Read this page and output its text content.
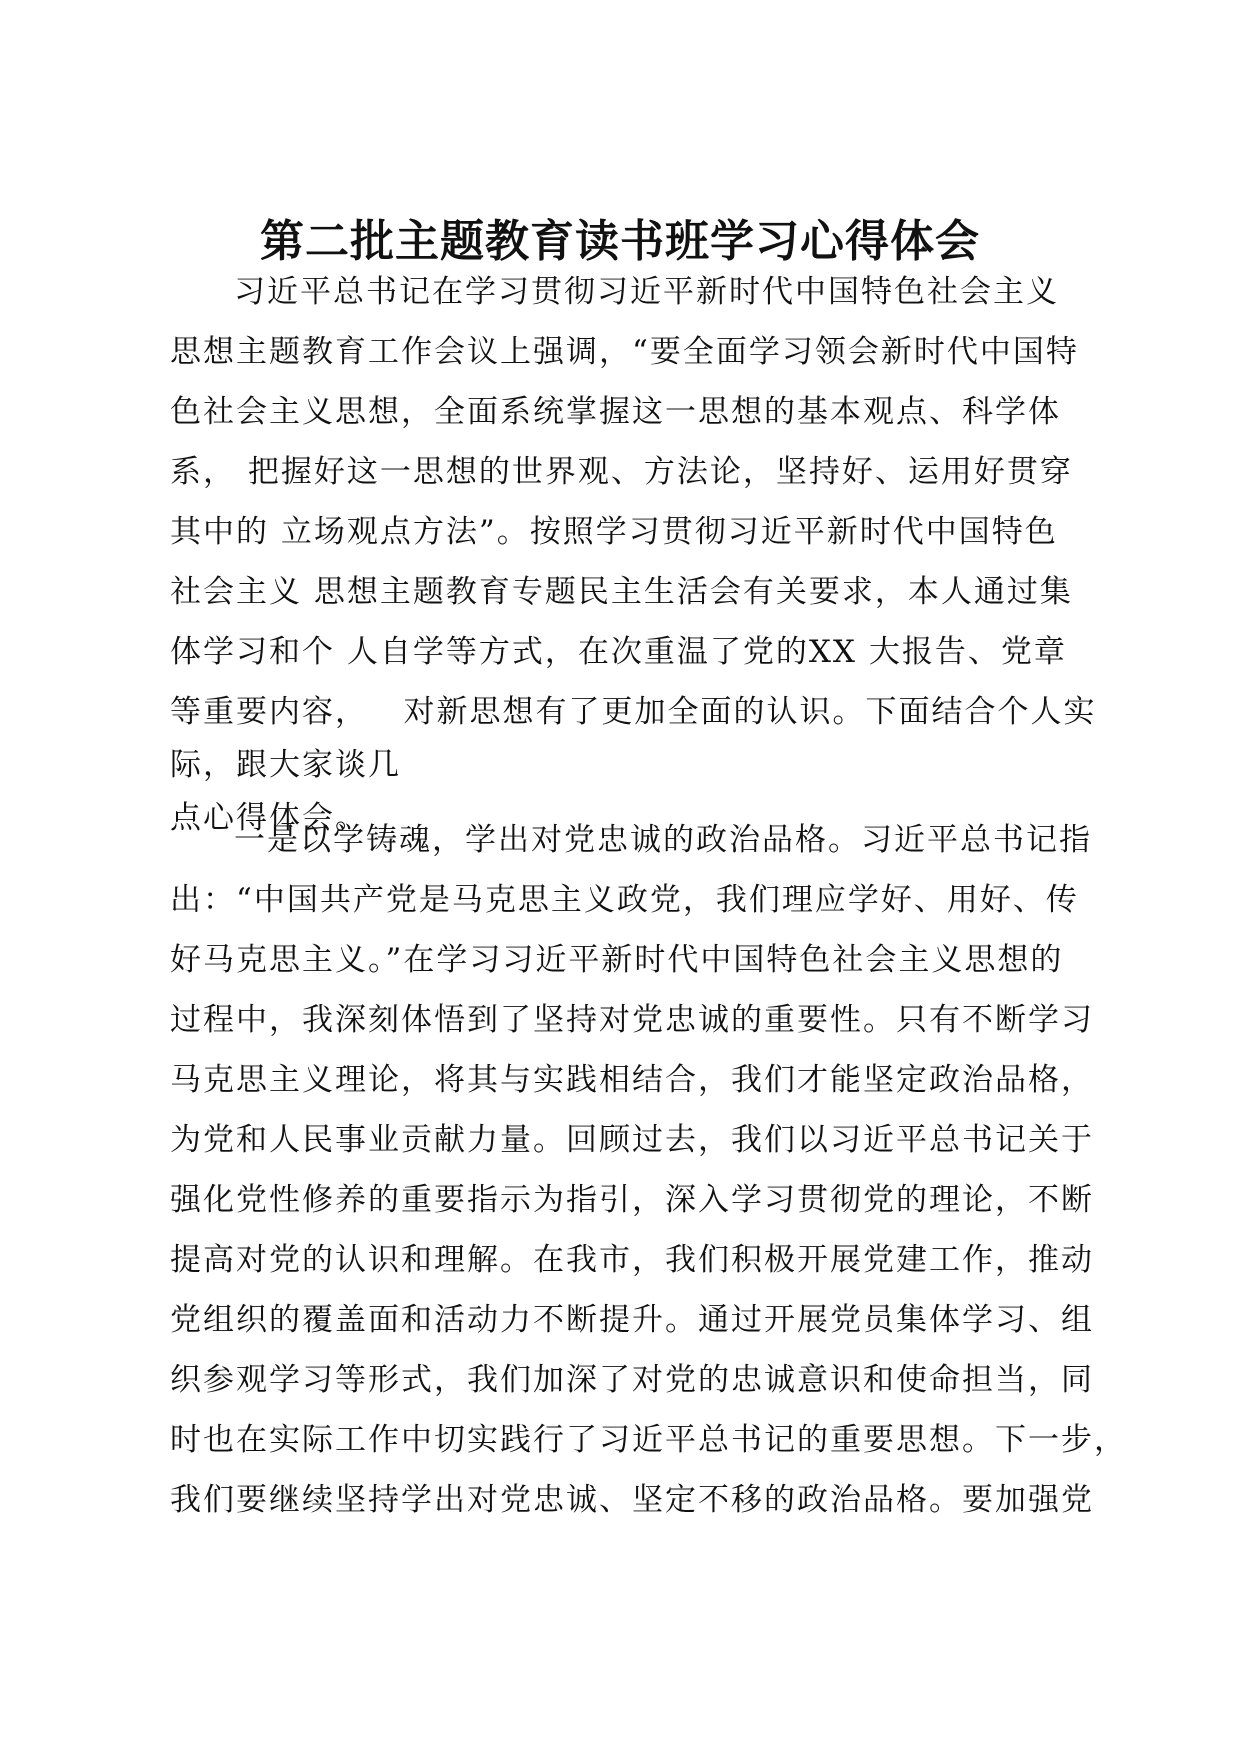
第二批主题教育读书班学习心得体会
习近平总书记在学习贯彻习近平新时代中国特色社会主义
思想主题教育工作会议上强调，“要全面学习领会新时代中国特
色社会主义思想，全面系统掌握这一思想的基本观点、科学体
系， 把握好这一思想的世界观、方法论，坚持好、运用好贯穿
其中的 立场观点方法”。按照学习贯彻习近平新时代中国特色
社会主义 思想主题教育专题民主生活会有关要求，本人通过集
体学习和个 人自学等方式，在次重温了党的XX 大报告、党章
等重要内容，   对新思想有了更加全面的认识。下面结合个人实
际，跟大家谈几
点心得体会。
一是以学铸魂，学出对党忠诚的政治品格。习近平总书记指
出：“中国共产党是马克思主义政党，我们理应学好、用好、传
好马克思主义。”在学习习近平新时代中国特色社会主义思想的
过程中，我深刻体悟到了坚持对党忠诚的重要性。只有不断学习
马克思主义理论，将其与实践相结合，我们才能坚定政治品格，
为党和人民事业贡献力量。回顾过去，我们以习近平总书记关于
强化党性修养的重要指示为指引，深入学习贯彻党的理论，不断
提高对党的认识和理解。在我市，我们积极开展党建工作，推动
党组织的覆盖面和活动力不断提升。通过开展党员集体学习、组
织参观学习等形式，我们加深了对党的忠诚意识和使命担当，同
时也在实际工作中切实践行了习近平总书记的重要思想。下一步，
我们要继续坚持学出对党忠诚、坚定不移的政治品格。要加强党
